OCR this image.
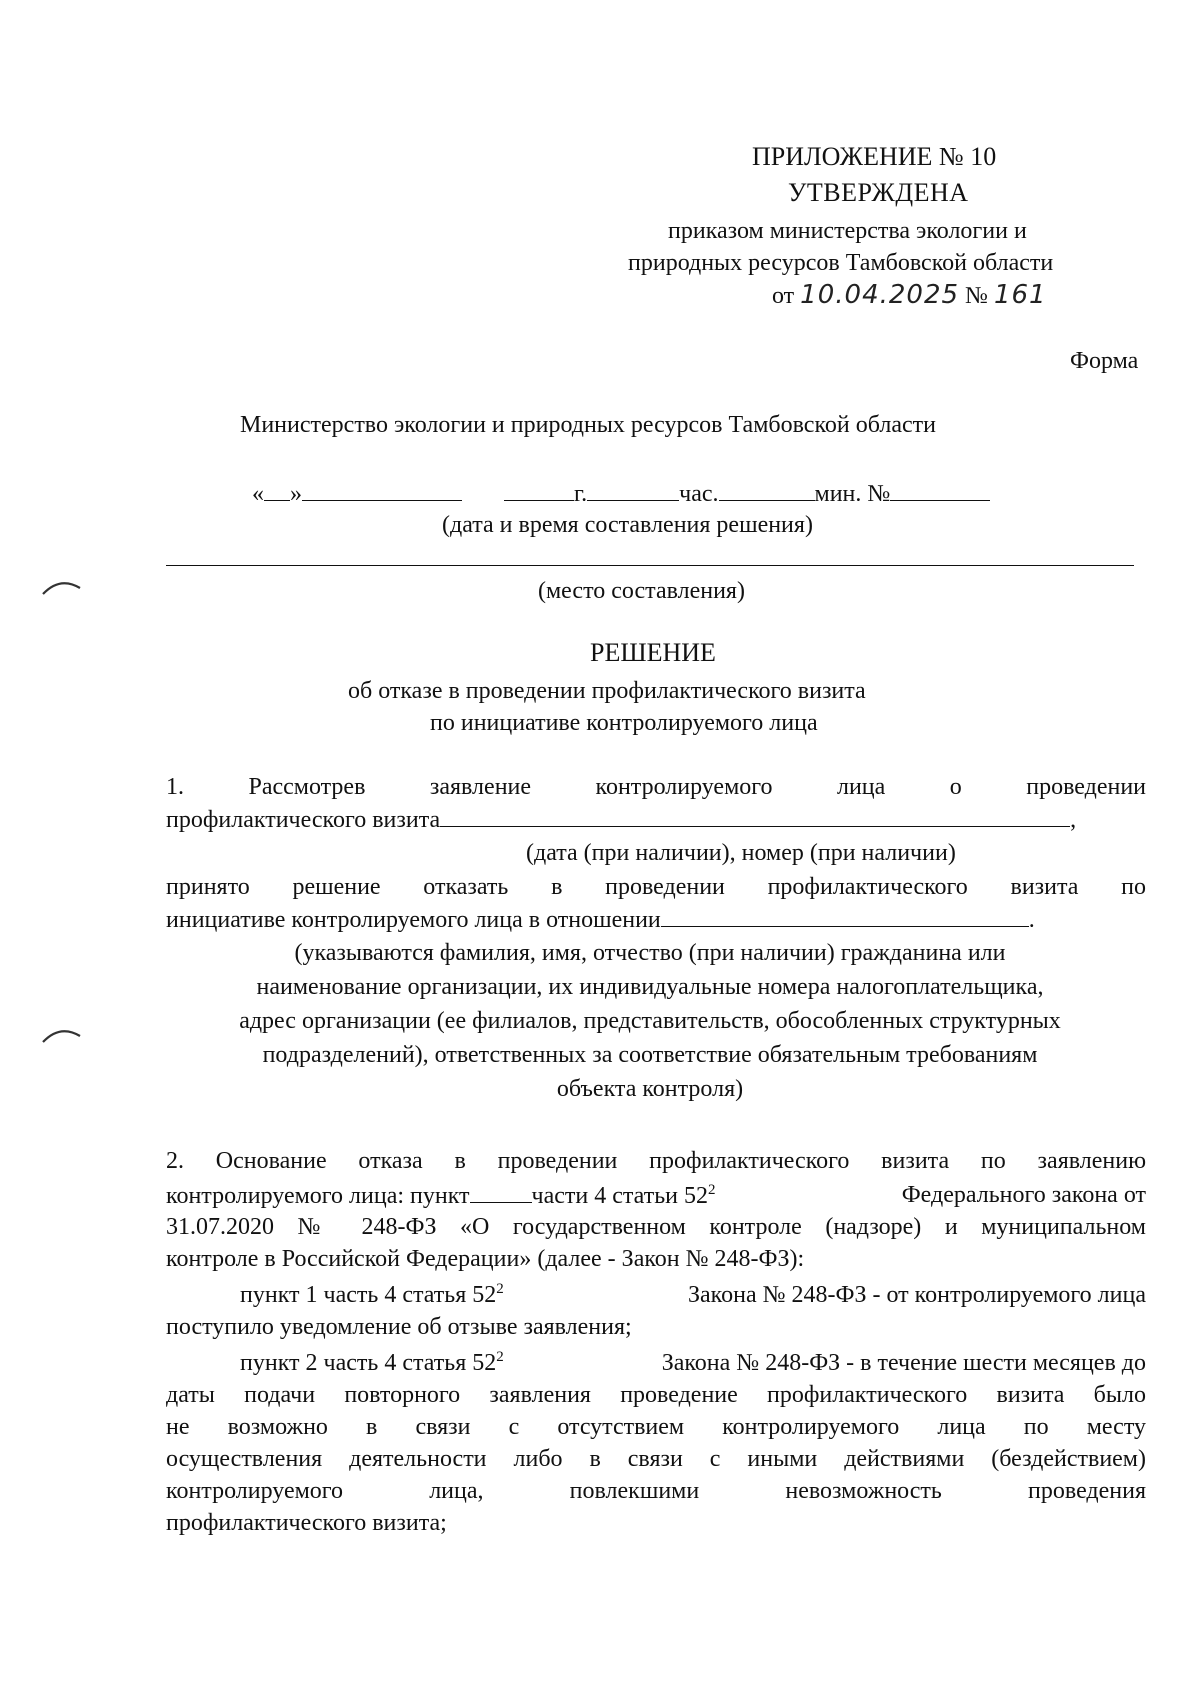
ПРИЛОЖЕНИЕ № 10
УТВЕРЖДЕНА
приказом министерства экологии и
природных ресурсов Тамбовской области
от 10.04.2025 № 161
Форма
Министерство экологии и природных ресурсов Тамбовской области
« »	г.	час.	мин. №
(дата и время составления решения)
(место составления)
РЕШЕНИЕ
об отказе в проведении профилактического визита
по инициативе контролируемого лица
1. Рассмотрев заявление контролируемого лица о проведении
профилактического визита	,
(дата (при наличии), номер (при наличии)
принято решение отказать в проведении профилактического визита по
инициативе контролируемого лица в отношении	.
(указываются фамилия, имя, отчество (при наличии) гражданина или
наименование организации, их индивидуальные номера налогоплательщика,
адрес организации (ее филиалов, представительств, обособленных структурных
подразделений), ответственных за соответствие обязательным требованиям
объекта контроля)
2. Основание отказа в проведении профилактического визита по заявлению
контролируемого лица: пункт	части 4 статьи $52^2$	Федерального закона от
31.07.2020 № 248-ФЗ «О государственном контроле (надзоре) и муниципальном
контроле в Российской Федерации» (далее - Закон № 248-ФЗ):
пункт 1 часть 4 статья $52^2$	Закона № 248-ФЗ - от контролируемого лица
поступило уведомление об отзыве заявления;
пункт 2 часть 4 статья $52^2$	Закона № 248-ФЗ - в течение шести месяцев до
даты подачи повторного заявления проведение профилактического визита было
не возможно в связи с отсутствием контролируемого лица по месту
осуществления деятельности либо в связи с иными действиями (бездействием)
контролируемого лица, повлекшими невозможность проведения
профилактического визита;
